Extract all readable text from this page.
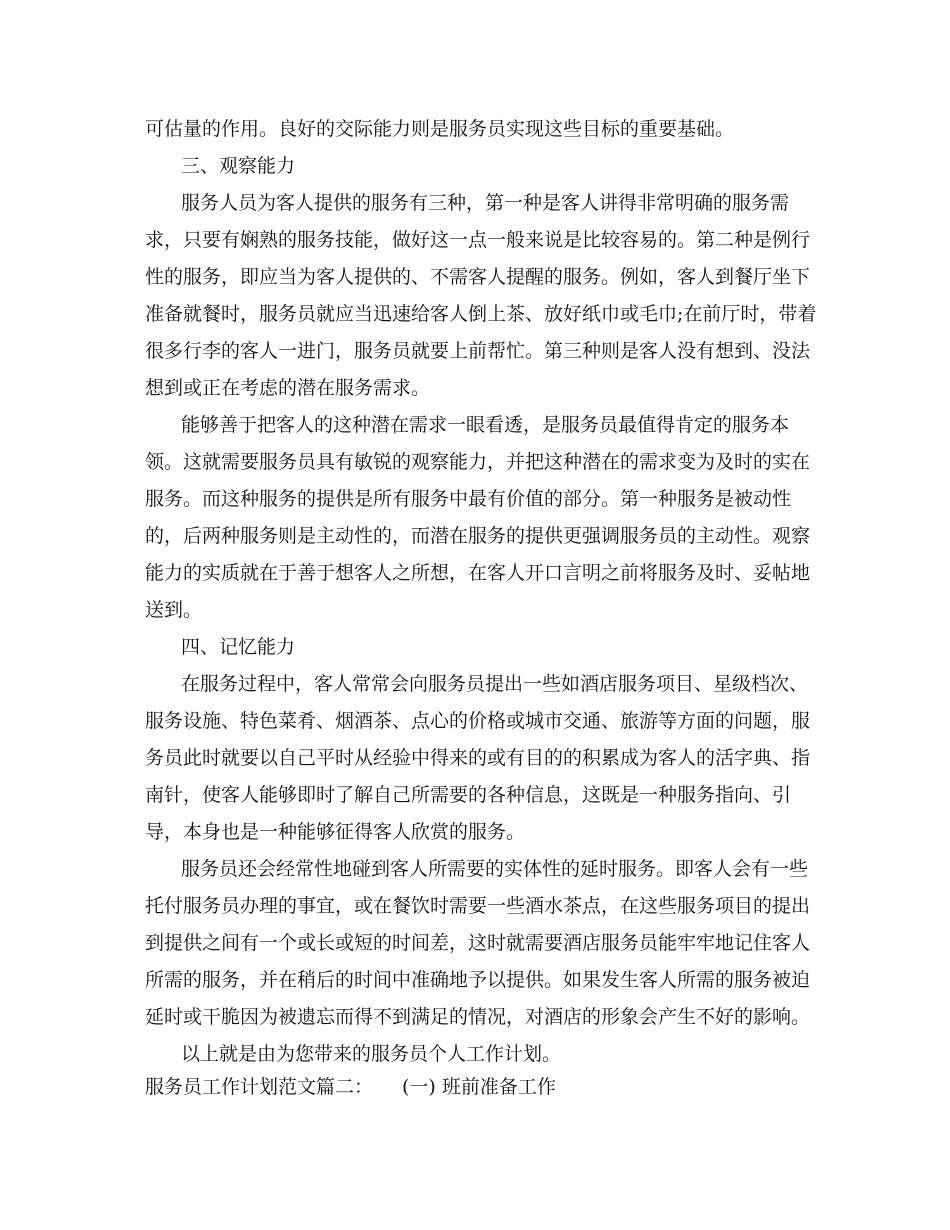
可估量的作用。良好的交际能力则是服务员实现这些目标的重要基础。
三、观察能力
服务人员为客人提供的服务有三种，第一种是客人讲得非常明确的服务需
求，只要有娴熟的服务技能，做好这一点一般来说是比较容易的。第二种是例行
性的服务，即应当为客人提供的、不需客人提醒的服务。例如，客人到餐厅坐下
准备就餐时，服务员就应当迅速给客人倒上茶、放好纸巾或毛巾;在前厅时，带着
很多行李的客人一进门，服务员就要上前帮忙。第三种则是客人没有想到、没法
想到或正在考虑的潜在服务需求。
能够善于把客人的这种潜在需求一眼看透，是服务员最值得肯定的服务本
领。这就需要服务员具有敏锐的观察能力，并把这种潜在的需求变为及时的实在
服务。而这种服务的提供是所有服务中最有价值的部分。第一种服务是被动性
的，后两种服务则是主动性的，而潜在服务的提供更强调服务员的主动性。观察
能力的实质就在于善于想客人之所想，在客人开口言明之前将服务及时、妥帖地
送到。
四、记忆能力
在服务过程中，客人常常会向服务员提出一些如酒店服务项目、星级档次、
服务设施、特色菜肴、烟酒茶、点心的价格或城市交通、旅游等方面的问题，服
务员此时就要以自己平时从经验中得来的或有目的的积累成为客人的活字典、指
南针，使客人能够即时了解自己所需要的各种信息，这既是一种服务指向、引
导，本身也是一种能够征得客人欣赏的服务。
服务员还会经常性地碰到客人所需要的实体性的延时服务。即客人会有一些
托付服务员办理的事宜，或在餐饮时需要一些酒水茶点，在这些服务项目的提出
到提供之间有一个或长或短的时间差，这时就需要酒店服务员能牢牢地记住客人
所需的服务，并在稍后的时间中准确地予以提供。如果发生客人所需的服务被迫
延时或干脆因为被遗忘而得不到满足的情况，对酒店的形象会产生不好的影响。
以上就是由为您带来的服务员个人工作计划。
服务员工作计划范文篇二： (一) 班前准备工作
